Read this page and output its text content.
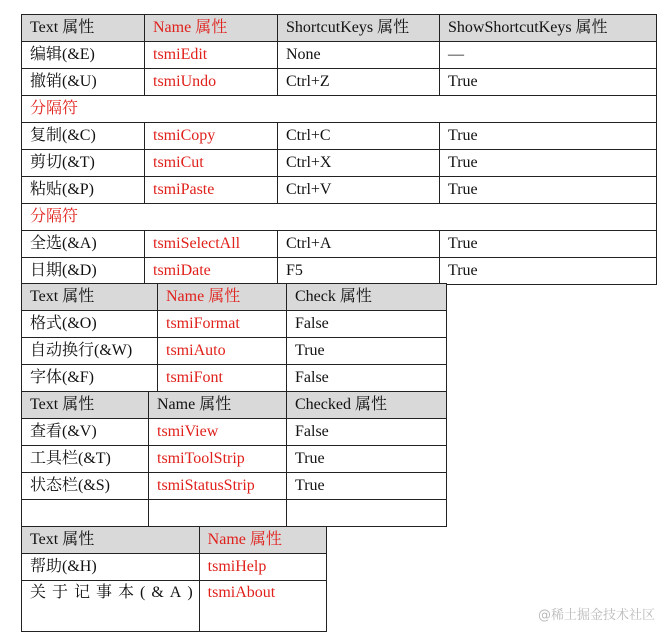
Text 属性	Name 属性	ShortcutKeys 属性	ShowShortcutKeys 属性
编辑(&E)	tsmiEdit	None	—
撤销(&U)	tsmiUndo	Ctrl+Z	True
分隔符			
复制(&C)	tsmiCopy	Ctrl+C	True
剪切(&T)	tsmiCut	Ctrl+X	True
粘贴(&P)	tsmiPaste	Ctrl+V	True
分隔符			
全选(&A)	tsmiSelectAll	Ctrl+A	True
日期(&D)	tsmiDate	F5	True
Text 属性	Name 属性	Check 属性
格式(&O)	tsmiFormat	False
自动换行(&W)	tsmiAuto	True
字体(&F)	tsmiFont	False
Text 属性	Name 属性	Checked 属性
查看(&V)	tsmiView	False
工具栏(&T)	tsmiToolStrip	True
状态栏(&S)	tsmiStatusStrip	True

Text 属性	Name 属性
帮助(&H)	tsmiHelp
关于记事本(&A)	tsmiAbout
@稀土掘金技术社区
